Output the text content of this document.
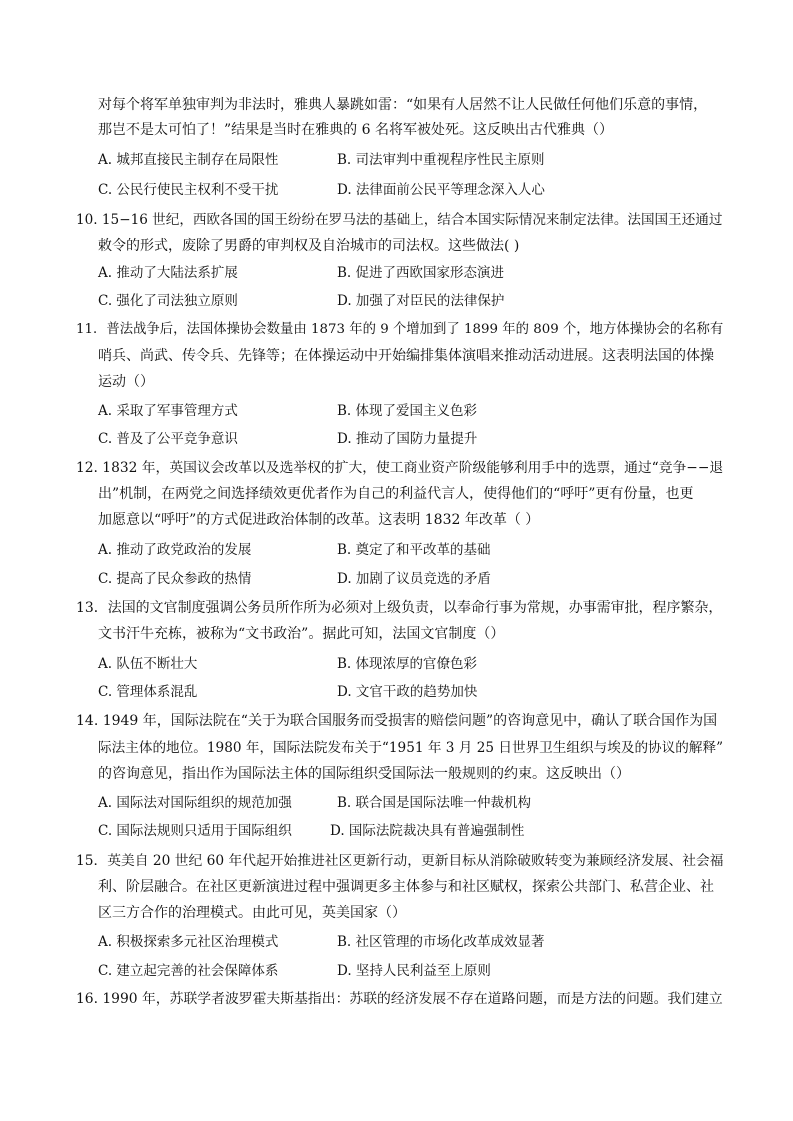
对每个将军单独审判为非法时，雅典人暴跳如雷：“如果有人居然不让人民做任何他们乐意的事情，
那岂不是太可怕了！”结果是当时在雅典的 6 名将军被处死。这反映出古代雅典（）
A. 城邦直接民主制存在局限性	B. 司法审判中重视程序性民主原则
C. 公民行使民主权利不受干扰	D. 法律面前公民平等理念深入人心
10. 15−16 世纪，西欧各国的国王纷纷在罗马法的基础上，结合本国实际情况来制定法律。法国国王还通过
敕令的形式，废除了男爵的审判权及自治城市的司法权。这些做法( )
A. 推动了大陆法系扩展	B. 促进了西欧国家形态演进
C. 强化了司法独立原则	D. 加强了对臣民的法律保护
11．普法战争后，法国体操协会数量由 1873 年的 9 个增加到了 1899 年的 809 个，地方体操协会的名称有
哨兵、尚武、传令兵、先锋等；在体操运动中开始编排集体演唱来推动活动进展。这表明法国的体操
运动（）
A. 采取了军事管理方式	B. 体现了爱国主义色彩
C. 普及了公平竞争意识	D. 推动了国防力量提升
12. 1832 年，英国议会改革以及选举权的扩大，使工商业资产阶级能够利用手中的选票，通过“竞争−−退
出”机制，在两党之间选择绩效更优者作为自己的利益代言人，使得他们的“呼吁”更有份量，也更
加愿意以“呼吁”的方式促进政治体制的改革。这表明 1832 年改革（ ）
A. 推动了政党政治的发展	B. 奠定了和平改革的基础
C. 提高了民众参政的热情	D. 加剧了议员竞选的矛盾
13．法国的文官制度强调公务员所作所为必须对上级负责，以奉命行事为常规，办事需审批，程序繁杂，
文书汗牛充栋，被称为“文书政治”。据此可知，法国文官制度（）
A. 队伍不断壮大	B. 体现浓厚的官僚色彩
C. 管理体系混乱	D. 文官干政的趋势加快
14. 1949 年，国际法院在“关于为联合国服务而受损害的赔偿问题”的咨询意见中，确认了联合国作为国
际法主体的地位。1980 年，国际法院发布关于“1951 年 3 月 25 日世界卫生组织与埃及的协议的解释”
的咨询意见，指出作为国际法主体的国际组织受国际法一般规则的约束。这反映出（）
A. 国际法对国际组织的规范加强	B. 联合国是国际法唯一仲裁机构
C. 国际法规则只适用于国际组织	D. 国际法院裁决具有普遍强制性
15．英美自 20 世纪 60 年代起开始推进社区更新行动，更新目标从消除破败转变为兼顾经济发展、社会福
利、阶层融合。在社区更新演进过程中强调更多主体参与和社区赋权，探索公共部门、私营企业、社
区三方合作的治理模式。由此可见，英美国家（）
A. 积极探索多元社区治理模式	B. 社区管理的市场化改革成效显著
C. 建立起完善的社会保障体系	D. 坚持人民利益至上原则
16. 1990 年，苏联学者波罗霍夫斯基指出：苏联的经济发展不存在道路问题，而是方法的问题。我们建立
